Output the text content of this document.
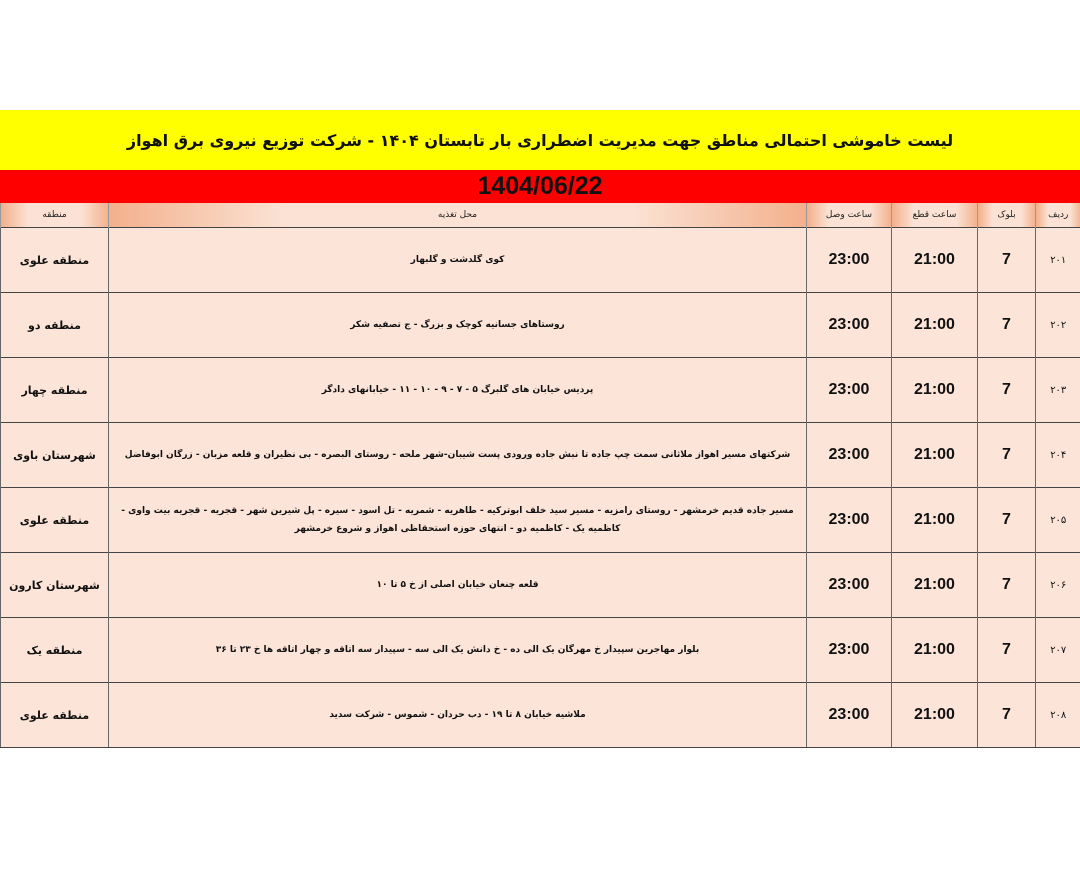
لیست خاموشی احتمالی مناطق جهت مدیریت اضطراری بار تابستان ۱۴۰۴ - شرکت توزیع نیروی برق اهواز
1404/06/22
ردیف	بلوک	ساعت قطع	ساعت وصل	محل تغذیه	منطقه
۲۰۱	7	21:00	23:00	کوی گلدشت و گلبهار	منطقه علوی
۲۰۲	7	21:00	23:00	روستاهای جسانیه کوچک و بزرگ - ج تصفیه شکر	منطقه دو
۲۰۳	7	21:00	23:00	پردیس خیابان های گلبرگ ۵ - ۷ - ۹ - ۱۰ - ۱۱ - خیابانهای دادگر	منطقه چهار
۲۰۴	7	21:00	23:00	شرکتهای مسیر اهواز ملاثانی سمت چپ جاده تا نبش جاده ورودی پست شیبان-شهر ملحه - روستای البصره - بی نظیران و قلعه مزبان - زرگان ابوفاضل	شهرستان باوی
۲۰۵	7	21:00	23:00	مسیر جاده قدیم خرمشهر - روستای رامزیه - مسیر سید خلف ابوترکیه - طاهریه - شمریه - تل اسود - سیره - پل شیرین شهر - قجریه - قجریه بیت واوی - کاظمیه یک - کاظمیه دو - انتهای حوزه استحقاظی اهواز و شروع خرمشهر	منطقه علوی
۲۰۶	7	21:00	23:00	قلعه چنعان خیابان اصلی از خ ۵ تا ۱۰	شهرستان کارون
۲۰۷	7	21:00	23:00	بلوار مهاجرین سپیدار خ مهرگان یک الی ده - خ دانش یک الی سه - سپیدار سه اتاقه و چهار اتاقه ها خ ۲۳ تا ۳۶	منطقه یک
۲۰۸	7	21:00	23:00	ملاشیه خیابان ۸ تا ۱۹ - دب حردان - شموس - شرکت سدید	منطقه علوی
